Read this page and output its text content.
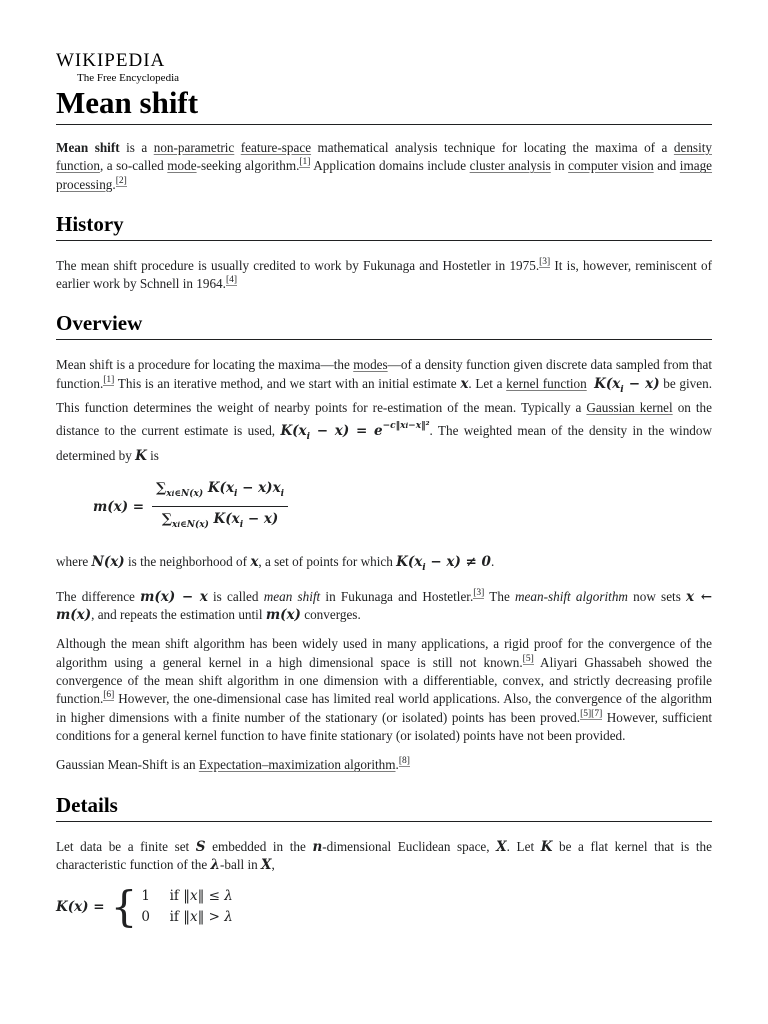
WIKIPEDIA
The Free Encyclopedia
Mean shift

Mean shift is a non-parametric feature-space mathematical analysis technique for locating the maxima of a density function, a so-called mode-seeking algorithm.[1] Application domains include cluster analysis in computer vision and image processing.[2]

History

The mean shift procedure is usually credited to work by Fukunaga and Hostetler in 1975.[3] It is, however, reminiscent of earlier work by Schnell in 1964.[4]

Overview

Mean shift is a procedure for locating the maxima—the modes—of a density function given discrete data sampled from that function.[1] This is an iterative method, and we start with an initial estimate x. Let a kernel function $K(x_i - x)$ be given. This function determines the weight of nearby points for re-estimation of the mean. Typically a Gaussian kernel on the distance to the current estimate is used, $K(x_i - x) = e^{-c‖xi-x‖^2}$. The weighted mean of the density in the window determined by K is

$m(x) = \frac{\sum_{xi\in N(x)} K(x_i - x)x_i}{\sum_{xi\in N(x)} K(x_i - x)}$

where N(x) is the neighborhood of x, a set of points for which $K(x_i - x) \ne 0$.

The difference m(x) − x is called mean shift in Fukunaga and Hostetler.[3] The mean-shift algorithm now sets x ← m(x), and repeats the estimation until m(x) converges.

Although the mean shift algorithm has been widely used in many applications, a rigid proof for the convergence of the algorithm using a general kernel in a high dimensional space is still not known.[5] Aliyari Ghassabeh showed the convergence of the mean shift algorithm in one dimension with a differentiable, convex, and strictly decreasing profile function.[6] However, the one-dimensional case has limited real world applications. Also, the convergence of the algorithm in higher dimensions with a finite number of the stationary (or isolated) points has been proved.[5][7] However, sufficient conditions for a general kernel function to have finite stationary (or isolated) points have not been provided.

Gaussian Mean-Shift is an Expectation–maximization algorithm.[8]

Details

Let data be a finite set S embedded in the n-dimensional Euclidean space, X. Let K be a flat kernel that is the characteristic function of the λ-ball in X,

K(x) = { 1 if ‖x‖ ≤ λ
0 if ‖x‖ > λ
